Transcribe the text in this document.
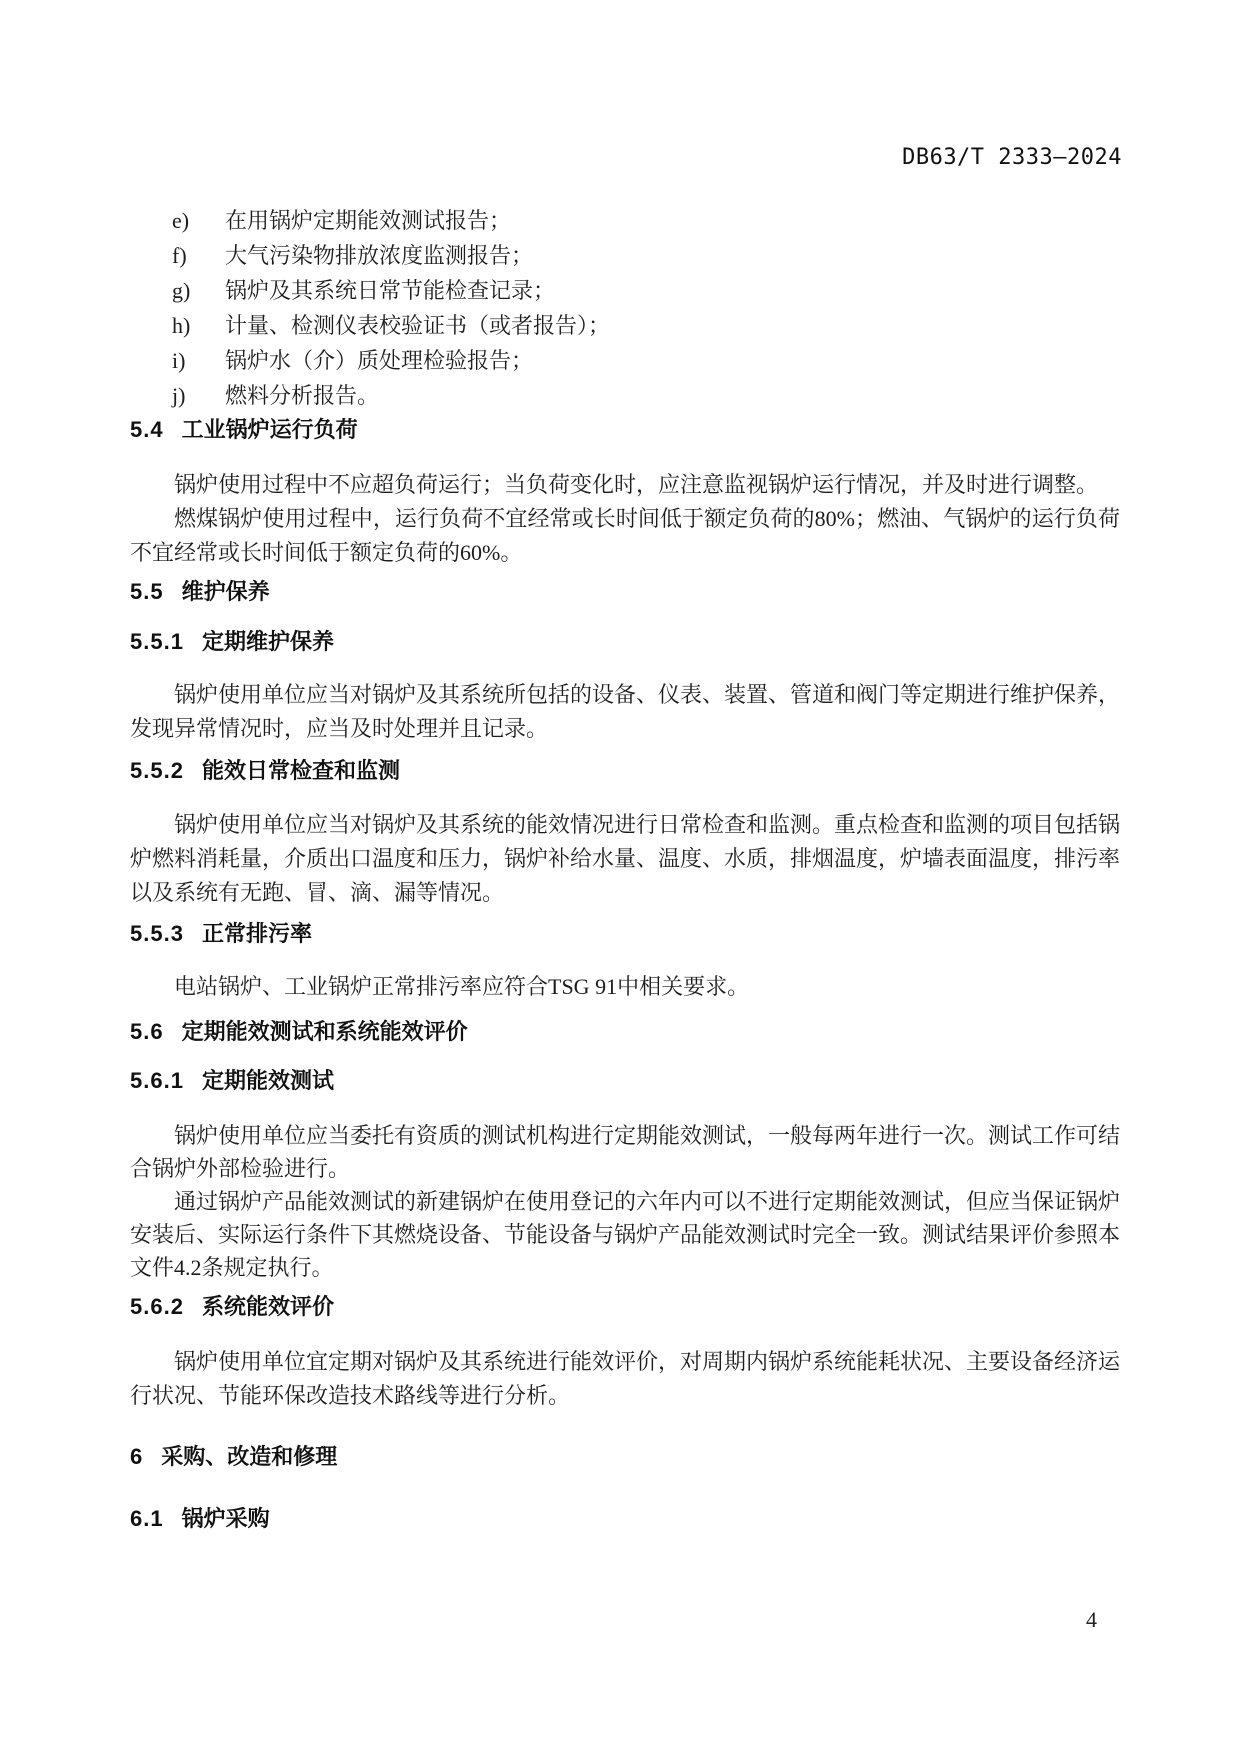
DB63/T 2333—2024
e)	在用锅炉定期能效测试报告；
f)	大气污染物排放浓度监测报告；
g)	锅炉及其系统日常节能检查记录；
h)	计量、检测仪表校验证书（或者报告）；
i)	锅炉水（介）质处理检验报告；
j)	燃料分析报告。
5.4 工业锅炉运行负荷

锅炉使用过程中不应超负荷运行；当负荷变化时，应注意监视锅炉运行情况，并及时进行调整。

燃煤锅炉使用过程中，运行负荷不宜经常或长时间低于额定负荷的80%；燃油、气锅炉的运行负荷不宜经常或长时间低于额定负荷的60%。

5.5 维护保养
5.5.1 定期维护保养

锅炉使用单位应当对锅炉及其系统所包括的设备、仪表、装置、管道和阀门等定期进行维护保养，发现异常情况时，应当及时处理并且记录。

5.5.2 能效日常检查和监测

锅炉使用单位应当对锅炉及其系统的能效情况进行日常检查和监测。重点检查和监测的项目包括锅炉燃料消耗量，介质出口温度和压力，锅炉补给水量、温度、水质，排烟温度，炉墙表面温度，排污率以及系统有无跑、冒、滴、漏等情况。

5.5.3 正常排污率

电站锅炉、工业锅炉正常排污率应符合TSG 91中相关要求。

5.6 定期能效测试和系统能效评价
5.6.1 定期能效测试

锅炉使用单位应当委托有资质的测试机构进行定期能效测试，一般每两年进行一次。测试工作可结合锅炉外部检验进行。

通过锅炉产品能效测试的新建锅炉在使用登记的六年内可以不进行定期能效测试，但应当保证锅炉安装后、实际运行条件下其燃烧设备、节能设备与锅炉产品能效测试时完全一致。测试结果评价参照本文件4.2条规定执行。

5.6.2 系统能效评价

锅炉使用单位宜定期对锅炉及其系统进行能效评价，对周期内锅炉系统能耗状况、主要设备经济运行状况、节能环保改造技术路线等进行分析。

6 采购、改造和修理
6.1 锅炉采购
4
